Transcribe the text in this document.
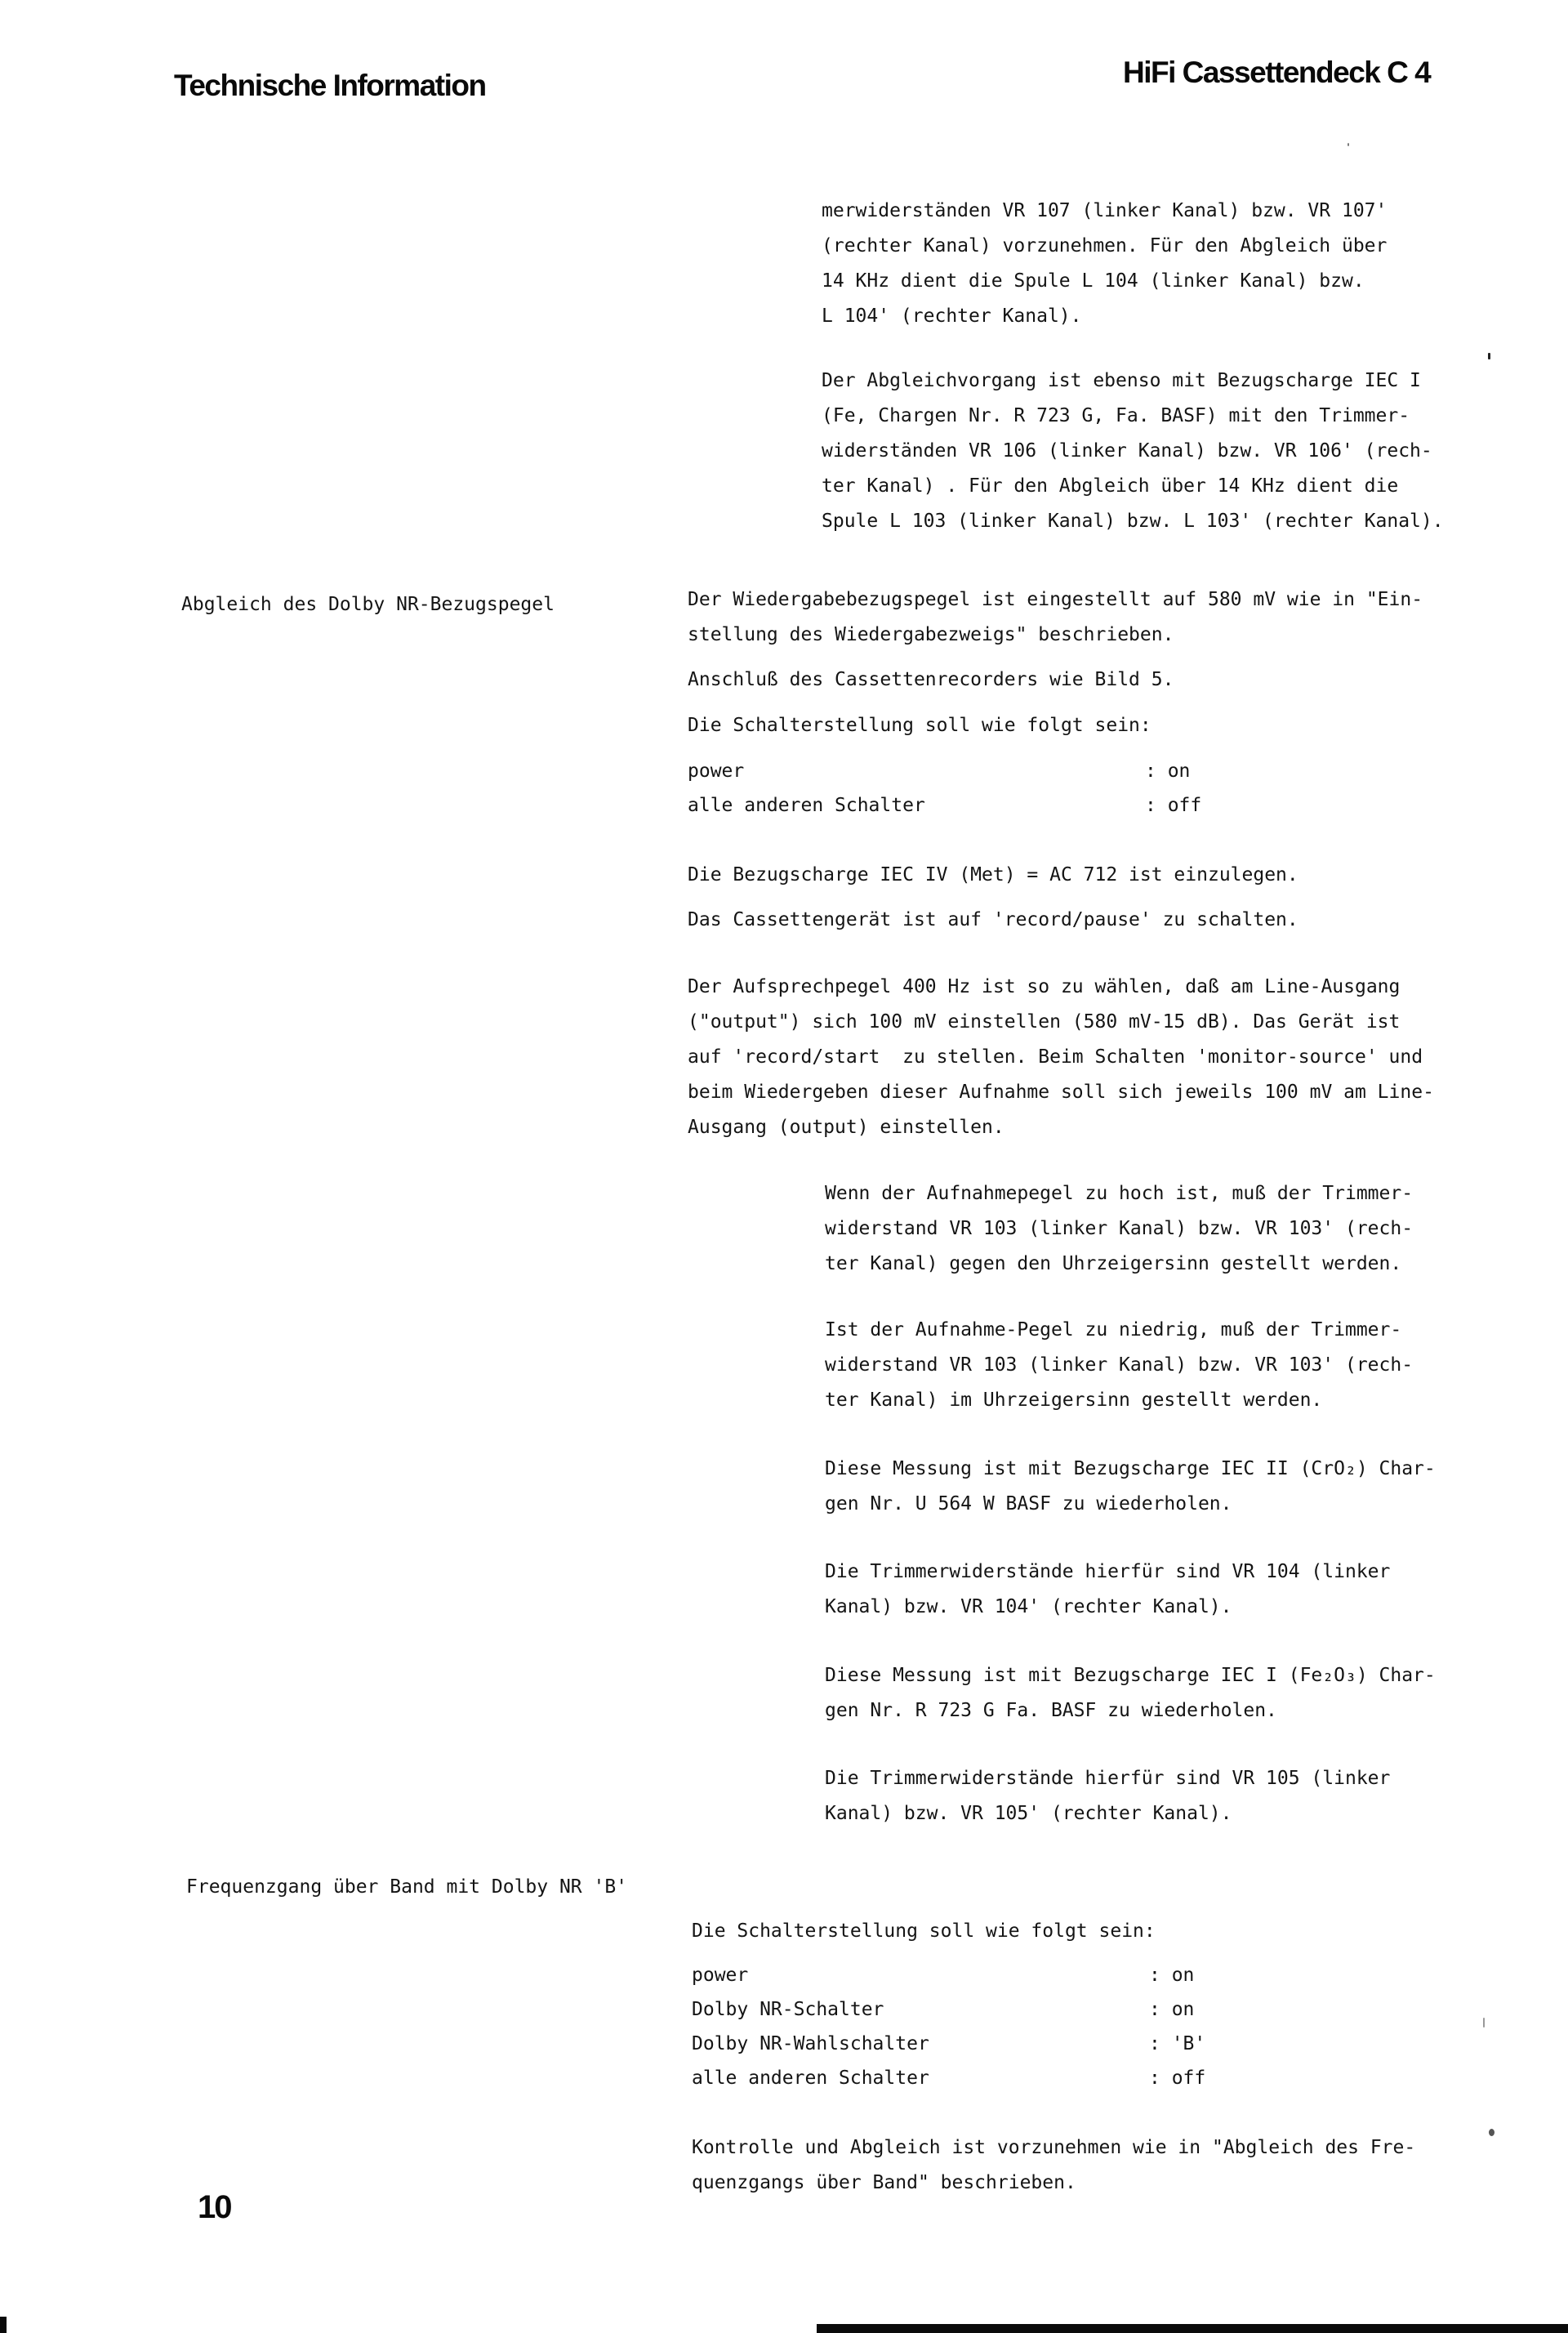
Technische Information	HiFi Cassettendeck C 4
merwiderständen VR 107 (linker Kanal) bzw. VR 107'
(rechter Kanal) vorzunehmen. Für den Abgleich über
14 KHz dient die Spule L 104 (linker Kanal) bzw.
L 104' (rechter Kanal).
Der Abgleichvorgang ist ebenso mit Bezugscharge IEC I
(Fe, Chargen Nr. R 723 G, Fa. BASF) mit den Trimmer-
widerständen VR 106 (linker Kanal) bzw. VR 106' (rech-
ter Kanal) . Für den Abgleich über 14 KHz dient die
Spule L 103 (linker Kanal) bzw. L 103' (rechter Kanal).
Abgleich des Dolby NR-Bezugspegel	Der Wiedergabebezugspegel ist eingestellt auf 580 mV wie in "Ein-
stellung des Wiedergabezweigs" beschrieben.
Anschluß des Cassettenrecorders wie Bild 5.
Die Schalterstellung soll wie folgt sein:
power	: on
alle anderen Schalter	: off
Die Bezugscharge IEC IV (Met) = AC 712 ist einzulegen.
Das Cassettengerät ist auf 'record/pause' zu schalten.
Der Aufsprechpegel 400 Hz ist so zu wählen, daß am Line-Ausgang
("output") sich 100 mV einstellen (580 mV-15 dB). Das Gerät ist
auf 'record/start  zu stellen. Beim Schalten 'monitor-source' und
beim Wiedergeben dieser Aufnahme soll sich jeweils 100 mV am Line-
Ausgang (output) einstellen.
Wenn der Aufnahmepegel zu hoch ist, muß der Trimmer-
widerstand VR 103 (linker Kanal) bzw. VR 103' (rech-
ter Kanal) gegen den Uhrzeigersinn gestellt werden.
Ist der Aufnahme-Pegel zu niedrig, muß der Trimmer-
widerstand VR 103 (linker Kanal) bzw. VR 103' (rech-
ter Kanal) im Uhrzeigersinn gestellt werden.
Diese Messung ist mit Bezugscharge IEC II (CrO₂) Char-
gen Nr. U 564 W BASF zu wiederholen.
Die Trimmerwiderstände hierfür sind VR 104 (linker
Kanal) bzw. VR 104' (rechter Kanal).
Diese Messung ist mit Bezugscharge IEC I (Fe₂O₃) Char-
gen Nr. R 723 G Fa. BASF zu wiederholen.
Die Trimmerwiderstände hierfür sind VR 105 (linker
Kanal) bzw. VR 105' (rechter Kanal).
Frequenzgang über Band mit Dolby NR 'B'
Die Schalterstellung soll wie folgt sein:
power	: on
Dolby NR-Schalter	: on
Dolby NR-Wahlschalter	: 'B'
alle anderen Schalter	: off
Kontrolle und Abgleich ist vorzunehmen wie in "Abgleich des Fre-
quenzgangs über Band" beschrieben.
10
